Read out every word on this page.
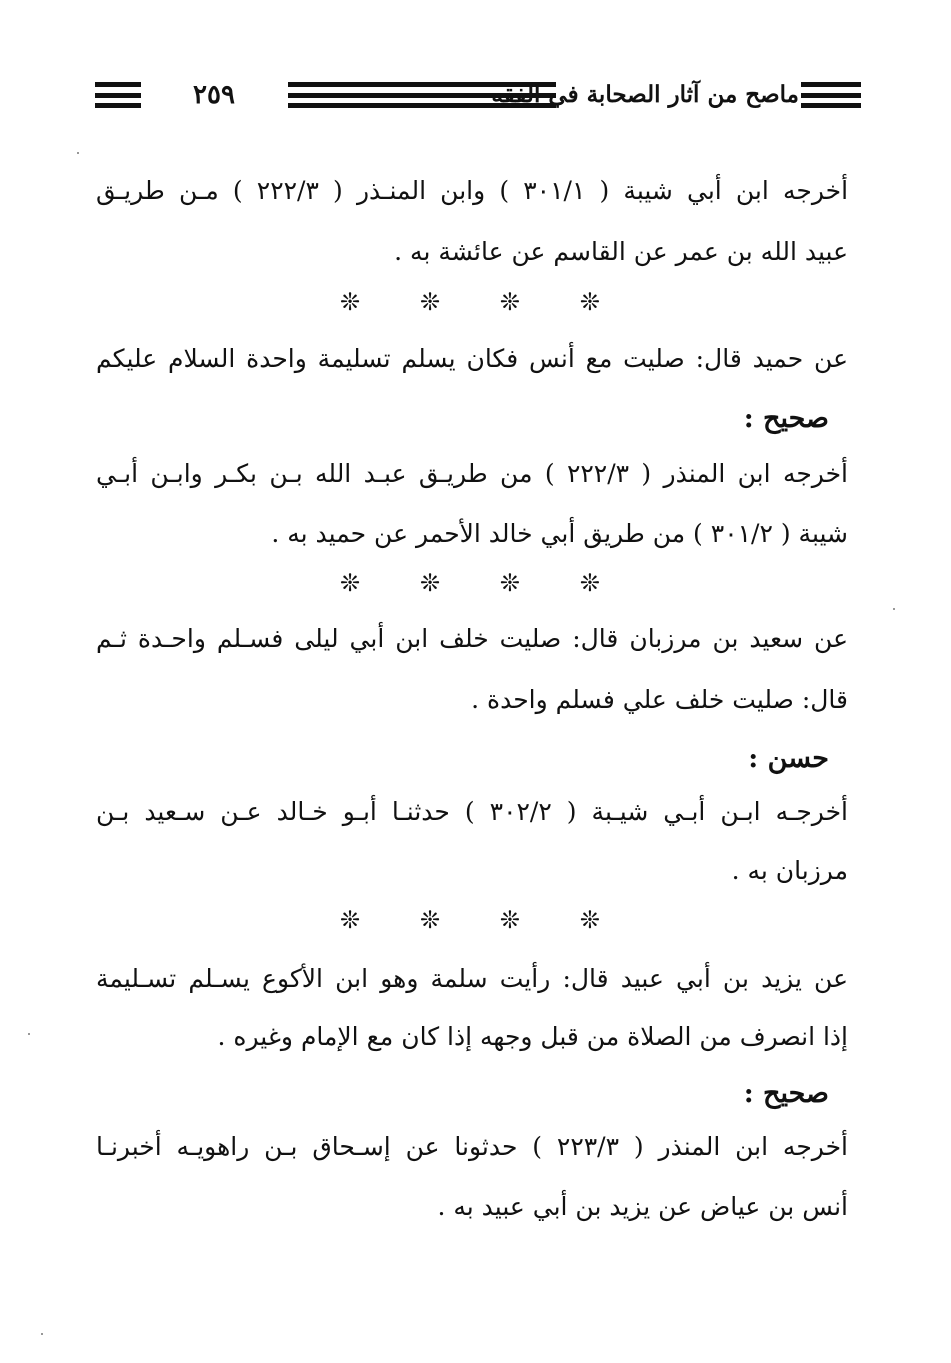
٢٥٩	ماصح من آثار الصحابة في الفقه
أخرجه ابن أبي شيبة ( ٣٠١/١ ) وابن المنـذر ( ٢٢٢/٣ ) مـن طريـق
عبيد الله بن عمر عن القاسم عن عائشة به .
❊ ❊ ❊ ❊
عن حميد قال: صليت مع أنس فكان يسلم تسليمة واحدة السلام عليكم
صحيح :
أخرجه ابن المنذر ( ٢٢٢/٣ ) من طريـق عبـد الله بـن بكـر وابـن أبـي
شيبة ( ٣٠١/٢ ) من طريق أبي خالد الأحمر عن حميد به .
❊ ❊ ❊ ❊
عن سعيد بن مرزبان قال: صليت خلف ابن أبي ليلى فسـلم واحـدة ثـم
قال: صليت خلف علي فسلم واحدة .
حسن :
أخرجـه ابـن أبـي شيـبة ( ٣٠٢/٢ ) حدثنـا أبـو خـالد عـن سـعيد بـن
مرزبان به .
❊ ❊ ❊ ❊
عن يزيد بن أبي عبيد قال: رأيت سلمة وهو ابن الأكوع يسـلم تسـليمة
إذا انصرف من الصلاة من قبل وجهه إذا كان مع الإمام وغيره .
صحيح :
أخرجه ابن المنذر ( ٢٢٣/٣ ) حدثونا عن إسـحاق بـن راهويـه أخبرنـا
أنس بن عياض عن يزيد بن أبي عبيد به .
